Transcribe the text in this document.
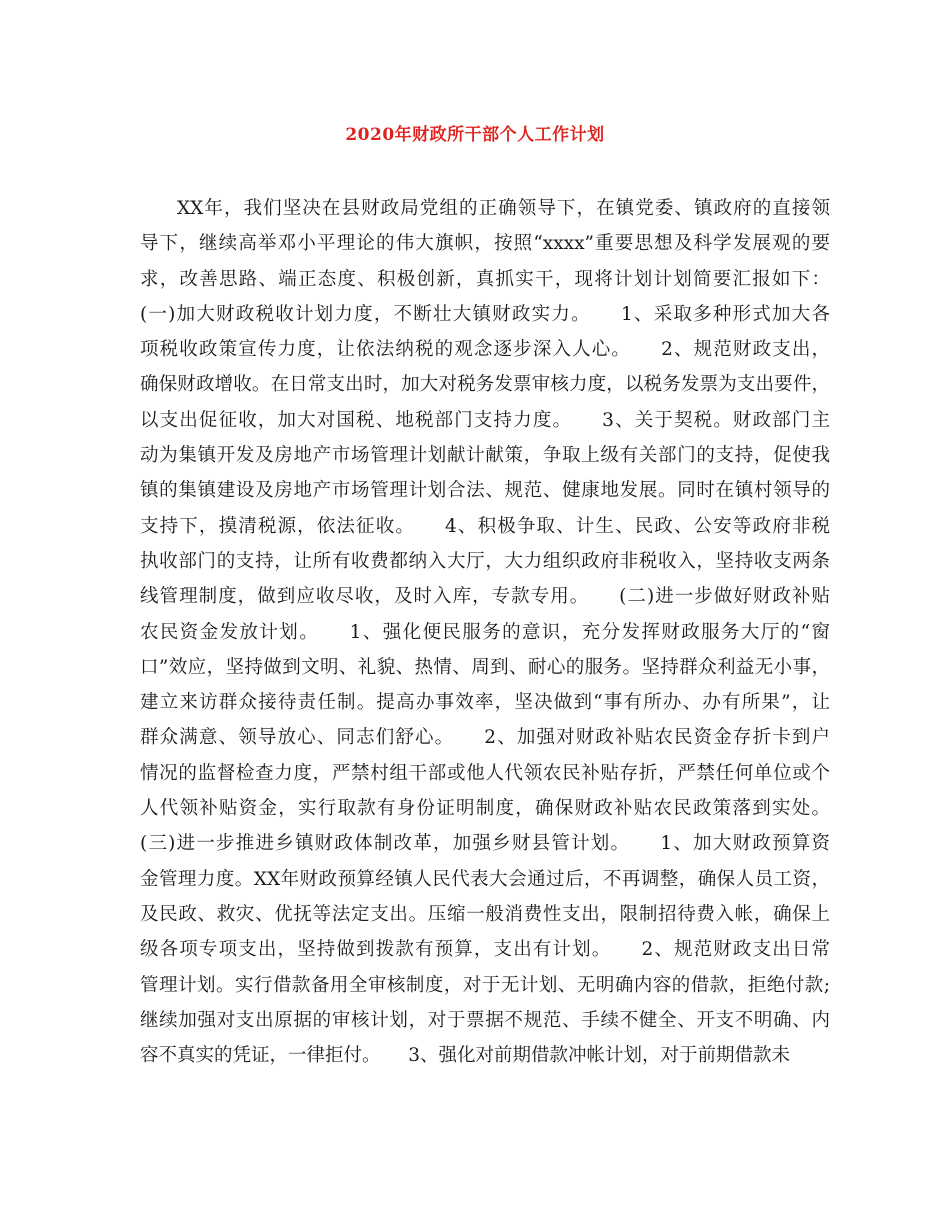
2020年财政所干部个人工作计划
XX年，我们坚决在县财政局党组的正确领导下，在镇党委、镇政府的直接领
导下，继续高举邓小平理论的伟大旗帜，按照“xxxx”重要思想及科学发展观的要
求，改善思路、端正态度、积极创新，真抓实干，现将计划计划简要汇报如下：
(一)加大财政税收计划力度，不断壮大镇财政实力。　　1、采取多种形式加大各
项税收政策宣传力度，让依法纳税的观念逐步深入人心。　　2、规范财政支出，
确保财政增收。在日常支出时，加大对税务发票审核力度，以税务发票为支出要件，
以支出促征收，加大对国税、地税部门支持力度。　　3、关于契税。财政部门主
动为集镇开发及房地产市场管理计划献计献策，争取上级有关部门的支持，促使我
镇的集镇建设及房地产市场管理计划合法、规范、健康地发展。同时在镇村领导的
支持下，摸清税源，依法征收。　　4、积极争取、计生、民政、公安等政府非税
执收部门的支持，让所有收费都纳入大厅，大力组织政府非税收入，坚持收支两条
线管理制度，做到应收尽收，及时入库，专款专用。　　(二)进一步做好财政补贴
农民资金发放计划。　　1、强化便民服务的意识，充分发挥财政服务大厅的“窗
口”效应，坚持做到文明、礼貌、热情、周到、耐心的服务。坚持群众利益无小事，
建立来访群众接待责任制。提高办事效率，坚决做到“事有所办、办有所果”，让
群众满意、领导放心、同志们舒心。　　2、加强对财政补贴农民资金存折卡到户
情况的监督检查力度，严禁村组干部或他人代领农民补贴存折，严禁任何单位或个
人代领补贴资金，实行取款有身份证明制度，确保财政补贴农民政策落到实处。
(三)进一步推进乡镇财政体制改革，加强乡财县管计划。　　1、加大财政预算资
金管理力度。XX年财政预算经镇人民代表大会通过后，不再调整，确保人员工资，
及民政、救灾、优抚等法定支出。压缩一般消费性支出，限制招待费入帐，确保上
级各项专项支出，坚持做到拨款有预算，支出有计划。　　2、规范财政支出日常
管理计划。实行借款备用全审核制度，对于无计划、无明确内容的借款，拒绝付款;
继续加强对支出原据的审核计划，对于票据不规范、手续不健全、开支不明确、内
容不真实的凭证，一律拒付。　　3、强化对前期借款冲帐计划，对于前期借款未
